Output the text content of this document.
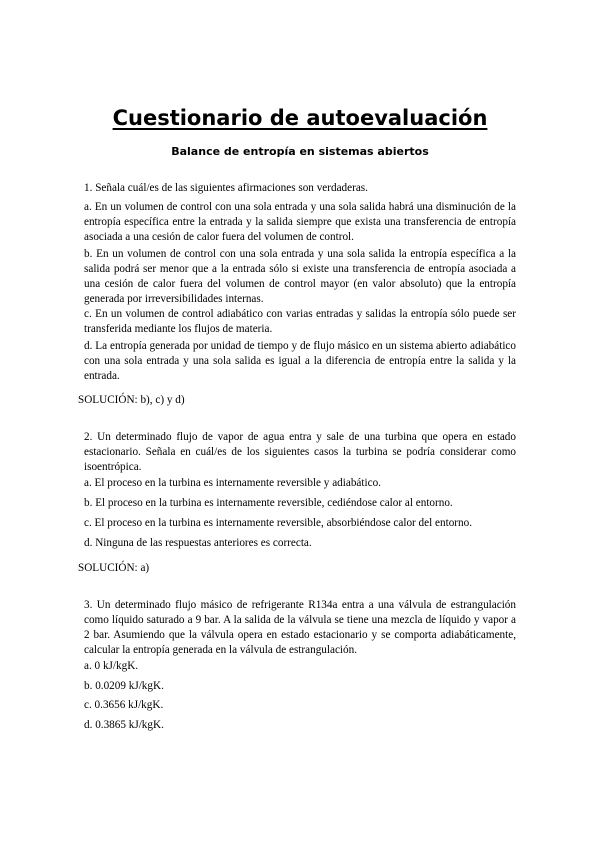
Cuestionario de autoevaluación
Balance de entropía en sistemas abiertos

1. Señala cuál/es de las siguientes afirmaciones son verdaderas.

a. En un volumen de control con una sola entrada y una sola salida habrá una disminución de la entropía específica entre la entrada y la salida siempre que exista una transferencia de entropía asociada a una cesión de calor fuera del volumen de control.

b. En un volumen de control con una sola entrada y una sola salida la entropía específica a la salida podrá ser menor que a la entrada sólo si existe una transferencia de entropía asociada a una cesión de calor fuera del volumen de control mayor (en valor absoluto) que la entropía generada por irreversibilidades internas.

c. En un volumen de control adiabático con varias entradas y salidas la entropía sólo puede ser transferida mediante los flujos de materia.

d. La entropía generada por unidad de tiempo y de flujo másico en un sistema abierto adiabático con una sola entrada y una sola salida es igual a la diferencia de entropía entre la salida y la entrada.

SOLUCIÓN: b), c) y d)

2. Un determinado flujo de vapor de agua entra y sale de una turbina que opera en estado estacionario. Señala en cuál/es de los siguientes casos la turbina se podría considerar como isoentrópica.

a. El proceso en la turbina es internamente reversible y adiabático.

b. El proceso en la turbina es internamente reversible, cediéndose calor al entorno.

c. El proceso en la turbina es internamente reversible, absorbiéndose calor del entorno.

d. Ninguna de las respuestas anteriores es correcta.

SOLUCIÓN: a)

3. Un determinado flujo másico de refrigerante R134a entra a una válvula de estrangulación como líquido saturado a 9 bar. A la salida de la válvula se tiene una mezcla de líquido y vapor a 2 bar. Asumiendo que la válvula opera en estado estacionario y se comporta adiabáticamente, calcular la entropía generada en la válvula de estrangulación.

a. 0 kJ/kgK.

b. 0.0209 kJ/kgK.

c. 0.3656 kJ/kgK.

d. 0.3865 kJ/kgK.
